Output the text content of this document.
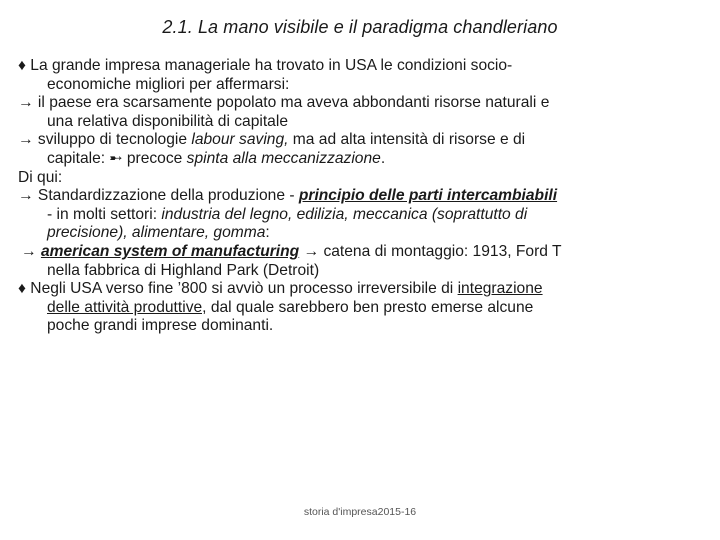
2.1. La mano visibile e il paradigma chandleriano

♦ La grande impresa manageriale ha trovato in USA le condizioni socio-
economiche migliori per affermarsi:

→ il paese era scarsamente popolato ma aveva abbondanti risorse naturali e
una relativa disponibilità di capitale

→ sviluppo di tecnologie labour saving, ma ad alta intensità di risorse e di
capitale: ➸ precoce spinta alla meccanizzazione.

Di qui:

→ Standardizzazione della produzione - principio delle parti intercambiabili
- in molti settori: industria del legno, edilizia, meccanica (soprattutto di
precisione), alimentare, gomma:

→ american system of manufacturing → catena di montaggio: 1913, Ford T
nella fabbrica di Highland Park (Detroit)

♦ Negli USA verso fine ’800 si avviò un processo irreversibile di integrazione
delle attività produttive, dal quale sarebbero ben presto emerse alcune
poche grandi imprese dominanti.

storia d'impresa2015-16
